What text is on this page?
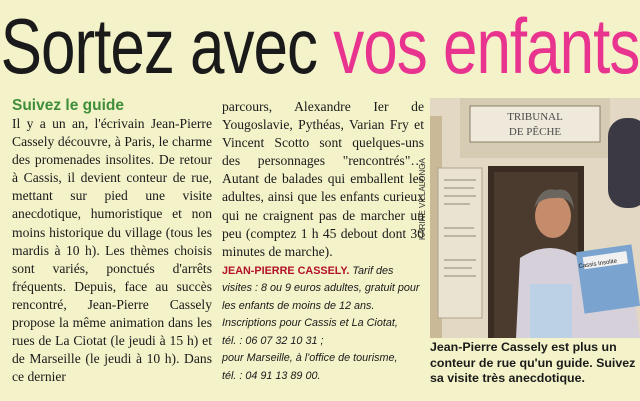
Sortez avec vos enfants

Suivez le guide

Il y a un an, l'écrivain Jean-Pierre Cassely découvre, à Paris, le charme des promenades insolites. De retour à Cassis, il devient conteur de rue, mettant sur pied une visite anecdotique, humoristique et non moins historique du village (tous les mardis à 10 h). Les thèmes choisis sont variés, ponctués d'arrêts fréquents. Depuis, face au succès rencontré, Jean-Pierre Cassely propose la même animation dans les rues de La Ciotat (le jeudi à 15 h) et de Marseille (le jeudi à 10 h). Dans ce dernier

parcours, Alexandre Ier de Yougoslavie, Pythéas, Varian Fry et Vincent Scotto sont quelques-uns des personnages "rencontrés"… Autant de balades qui emballent les adultes, ainsi que les enfants curieux qui ne craignent pas de marcher un peu (comptez 1 h 45 debout dont 30 minutes de marche).

JEAN-PIERRE CASSELY. Tarif des visites : 8 ou 9 euros adultes, gratuit pour les enfants de moins de 12 ans. Inscriptions pour Cassis et La Ciotat,
tél. : 06 07 32 10 31 ;
pour Marseille, à l'office de tourisme,
tél. : 04 91 13 89 00.

TRIBUNAL
DE PÊCHE
Cassis Insolite
KARINE VILLALONGA

Jean-Pierre Cassely est plus un conteur de rue qu'un guide. Suivez sa visite très anecdotique.
